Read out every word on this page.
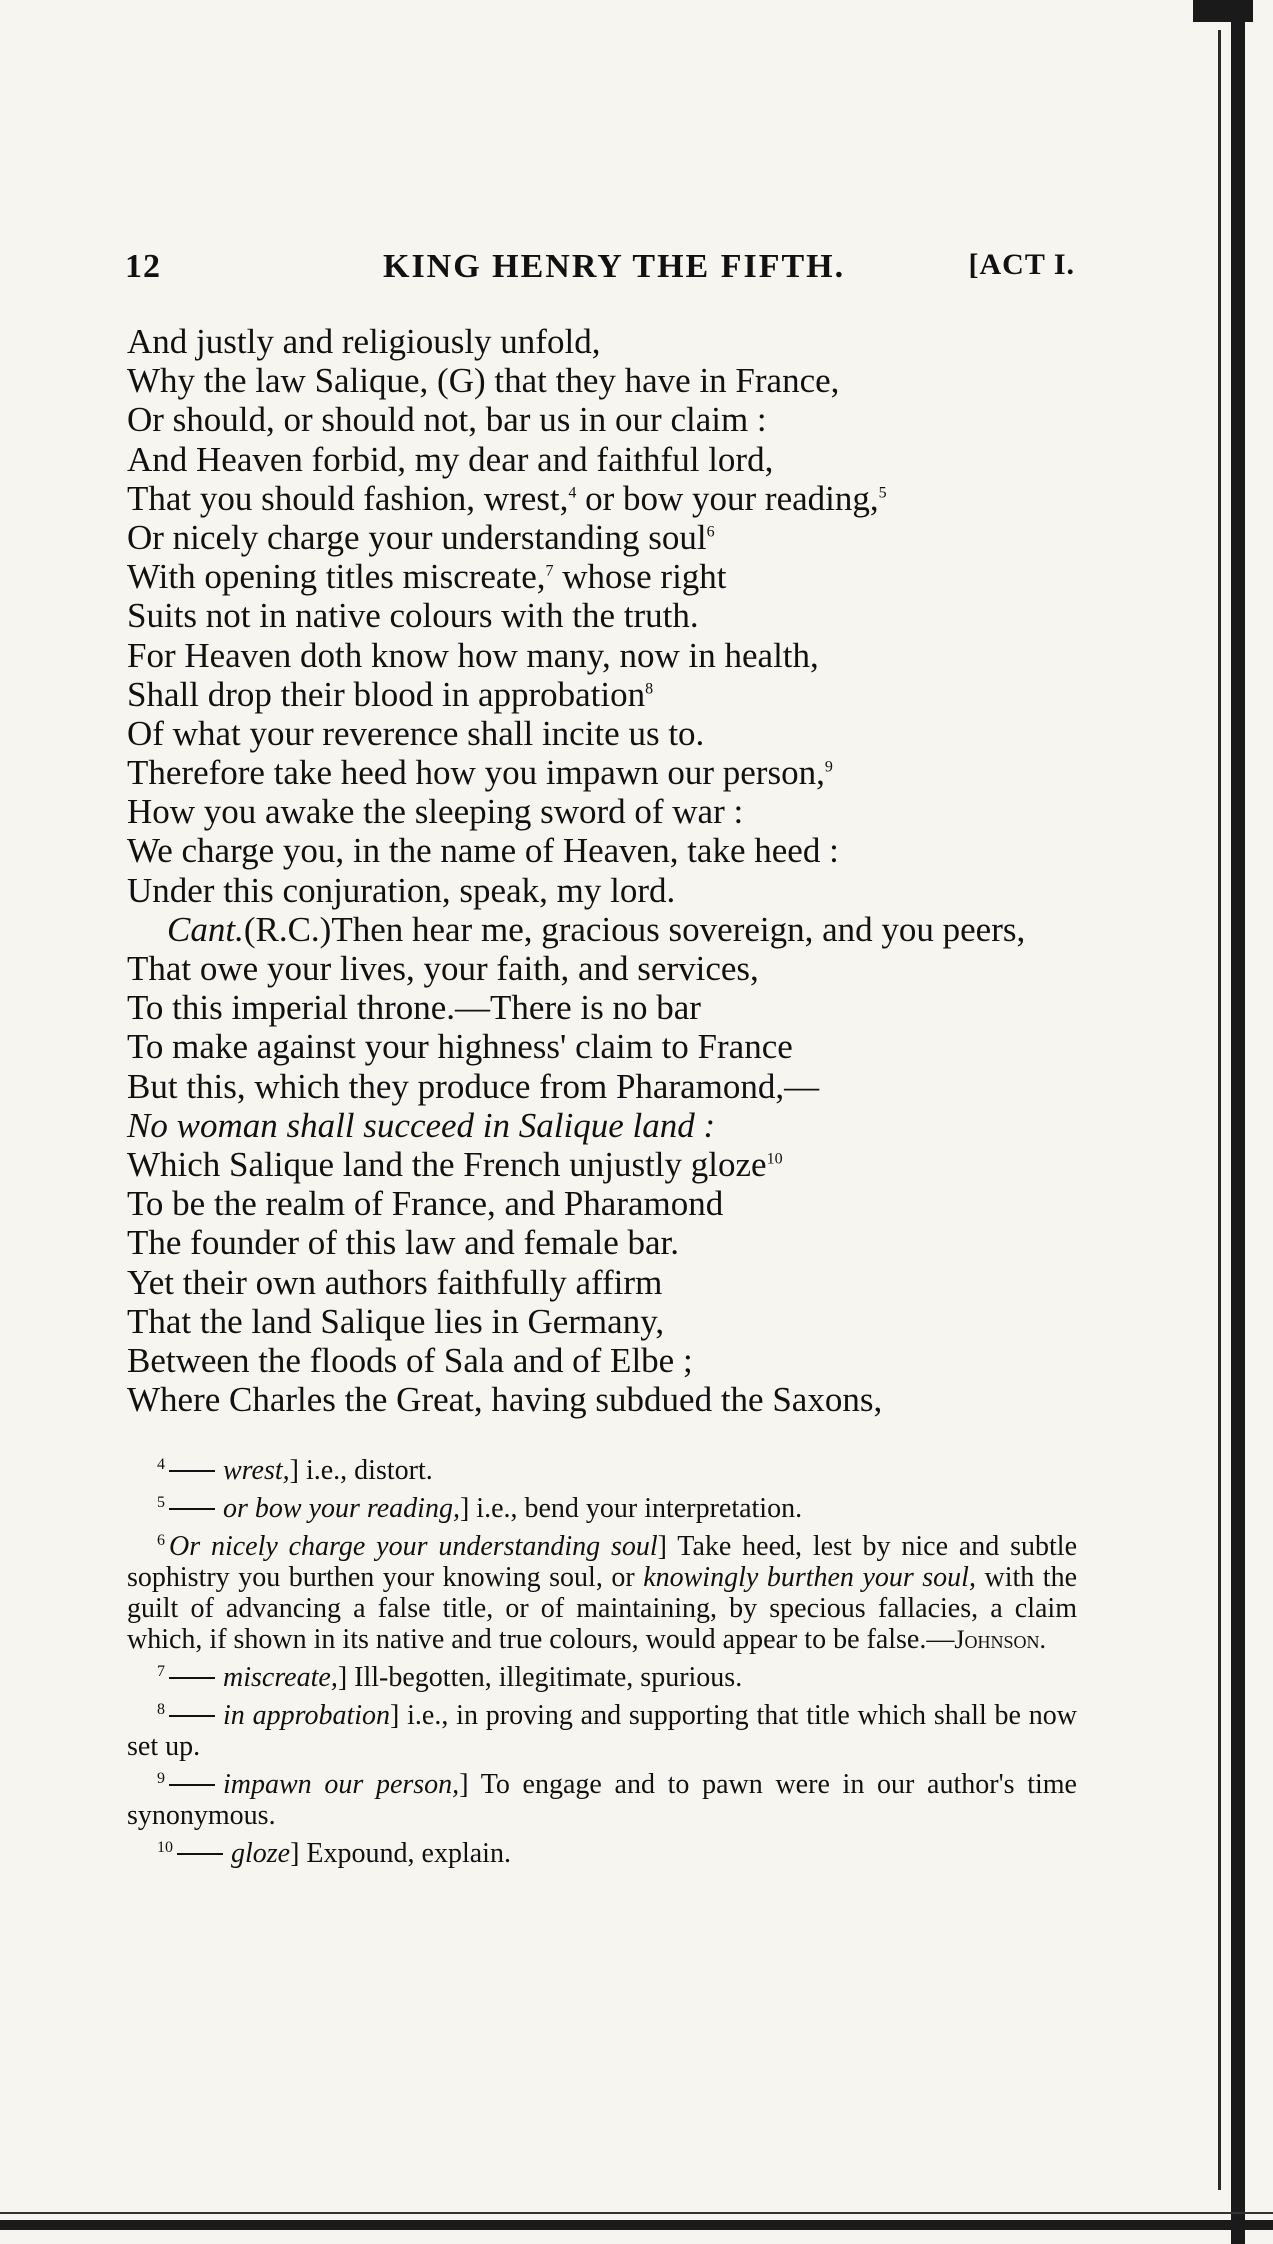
12	KING HENRY THE FIFTH.	[ACT I.
And justly and religiously unfold,
Why the law Salique, (G) that they have in France,
Or should, or should not, bar us in our claim :
And Heaven forbid, my dear and faithful lord,
That you should fashion, wrest,$^4$ or bow your reading,$^5$
Or nicely charge your understanding soul$^6$
With opening titles miscreate,$^7$ whose right
Suits not in native colours with the truth.
For Heaven doth know how many, now in health,
Shall drop their blood in approbation$^8$
Of what your reverence shall incite us to.
Therefore take heed how you impawn our person,$^9$
How you awake the sleeping sword of war :
We charge you, in the name of Heaven, take heed :
Under this conjuration, speak, my lord.
Cant.(R.C.)Then hear me, gracious sovereign, and you peers,
That owe your lives, your faith, and services,
To this imperial throne.—There is no bar
To make against your highness' claim to France
But this, which they produce from Pharamond,—
No woman shall succeed in Salique land :
Which Salique land the French unjustly gloze$^{10}$
To be the realm of France, and Pharamond
The founder of this law and female bar.
Yet their own authors faithfully affirm
That the land Salique lies in Germany,
Between the floods of Sala and of Elbe ;
Where Charles the Great, having subdued the Saxons,
$^4$ wrest,] i.e., distort.
$^5$ or bow your reading,] i.e., bend your interpretation.
$^6$ Or nicely charge your understanding soul] Take heed, lest by nice and subtle sophistry you burthen your knowing soul, or knowingly burthen your soul, with the guilt of advancing a false title, or of maintaining, by specious fallacies, a claim which, if shown in its native and true colours, would appear to be false.—Johnson.
$^7$ miscreate,] Ill-begotten, illegitimate, spurious.
$^8$ in approbation] i.e., in proving and supporting that title which shall be now set up.
$^9$ impawn our person,] To engage and to pawn were in our author's time synonymous.
$^{10}$ gloze] Expound, explain.
